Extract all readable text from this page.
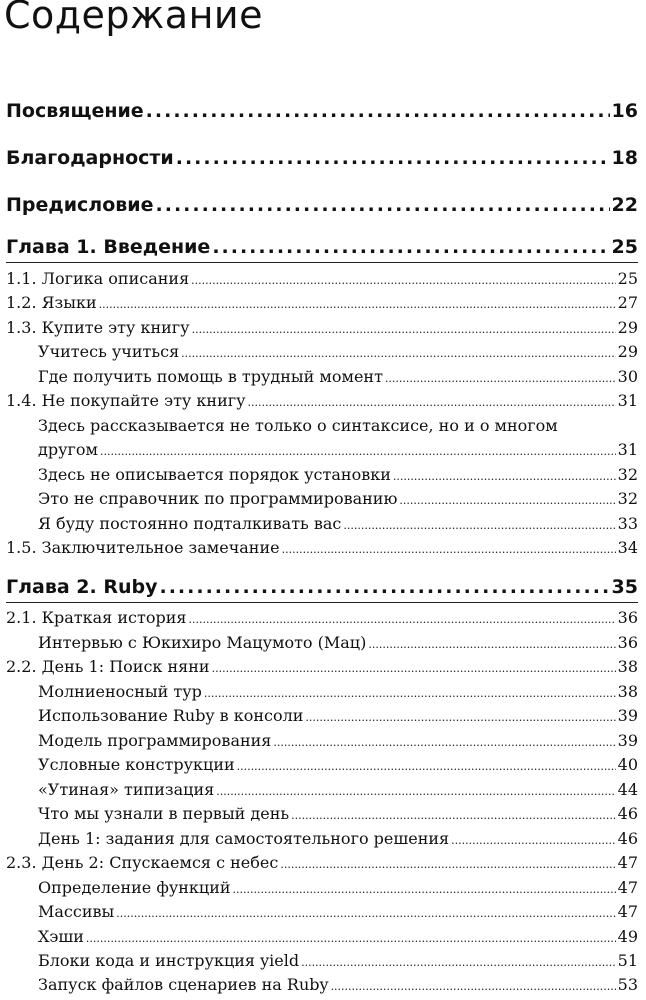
Содержание
Посвящение .....	16
Благодарности .....	18
Предисловие .....	22
Глава 1. Введение .....	25
1.1. Логика описания .....	25
1.2. Языки .....	27
1.3. Купите эту книгу .....	29
Учитесь учиться .....	29
Где получить помощь в трудный момент .....	30
1.4. Не покупайте эту книгу .....	31
Здесь рассказывается не только о синтаксисе, но и о многом
другом .....	31
Здесь не описывается порядок установки .....	32
Это не справочник по программированию .....	32
Я буду постоянно подталкивать вас .....	33
1.5. Заключительное замечание .....	34
Глава 2. Ruby .....	35
2.1. Краткая история .....	36
Интервью с Юкихиро Мацумото (Мац) .....	36
2.2. День 1: Поиск няни .....	38
Молниеносный тур .....	38
Использование Ruby в консоли .....	39
Модель программирования .....	39
Условные конструкции .....	40
«Утиная» типизация .....	44
Что мы узнали в первый день .....	46
День 1: задания для самостоятельного решения .....	46
2.3. День 2: Спускаемся с небес .....	47
Определение функций .....	47
Массивы .....	47
Хэши .....	49
Блоки кода и инструкция yield .....	51
Запуск файлов сценариев на Ruby .....	53
